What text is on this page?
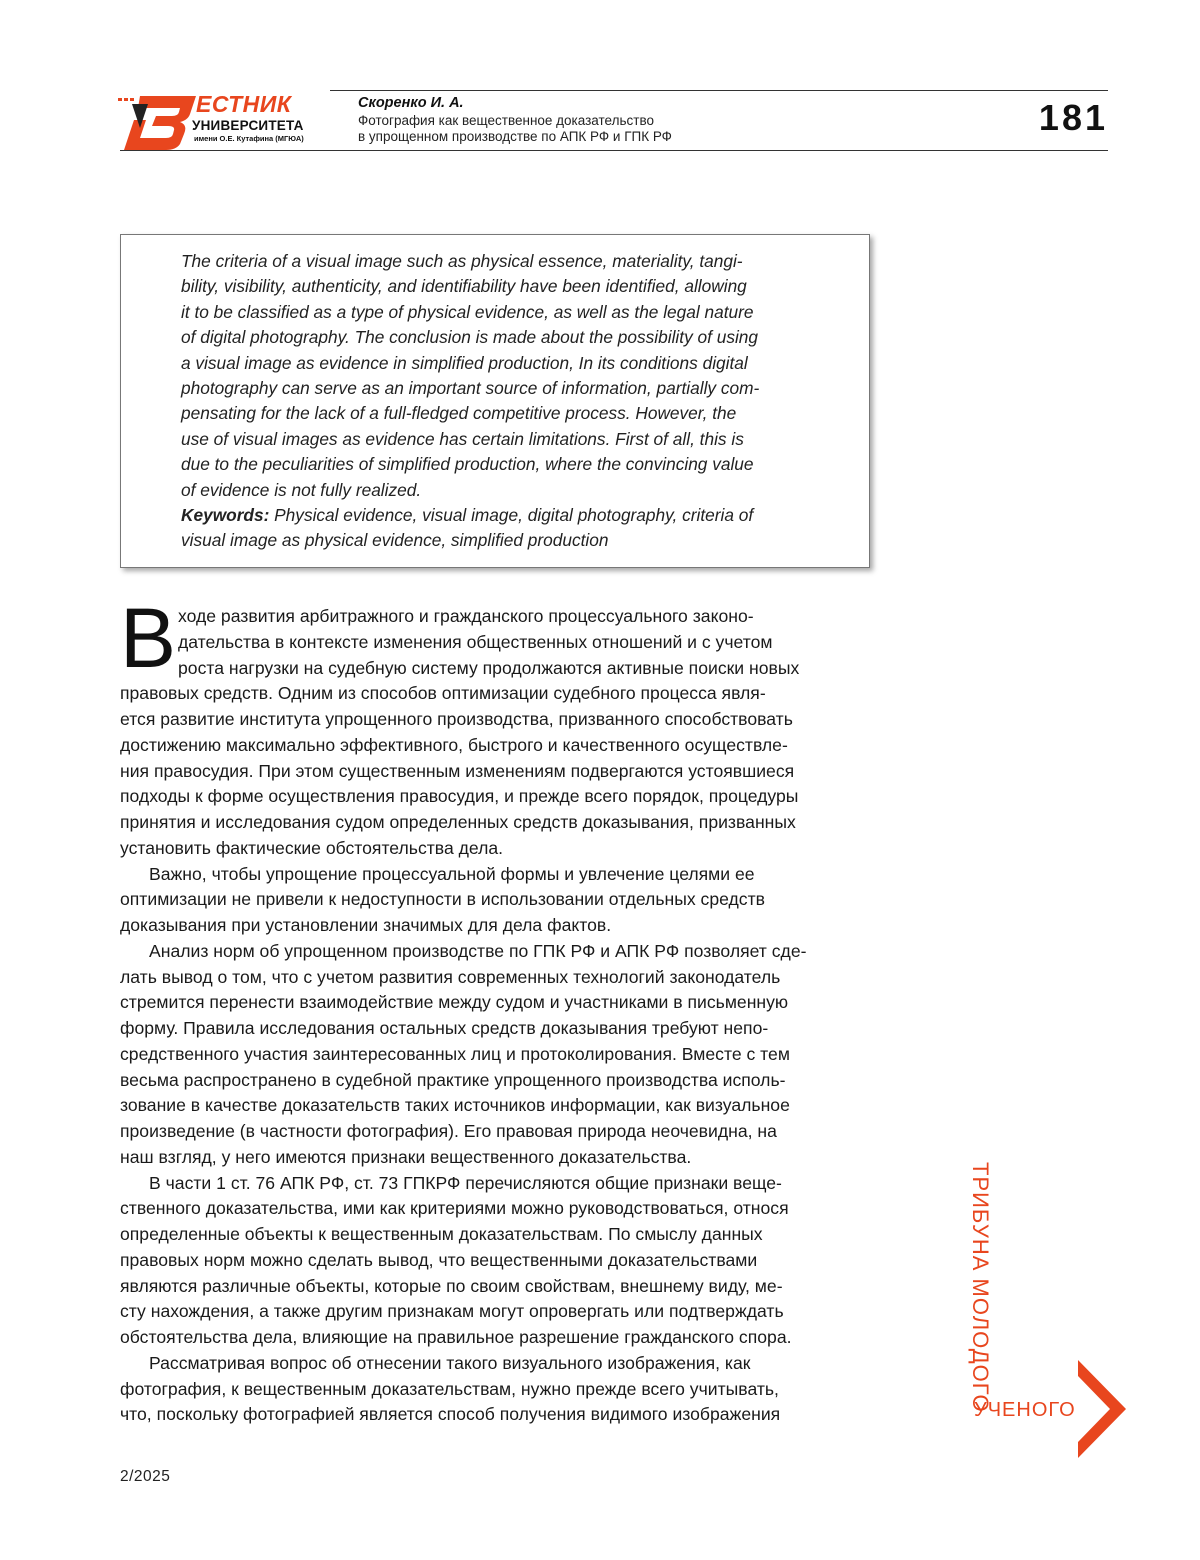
ЕСТНИК
УНИВЕРСИТЕТА
имени О.Е. Кутафина (МГЮА)
Скоренко И. А.
Фотография как вещественное доказательство
в упрощенном производстве по АПК РФ и ГПК РФ	181
The criteria of a visual image such as physical essence, materiality, tangi-
bility, visibility, authenticity, and identifiability have been identified, allowing
it to be classified as a type of physical evidence, as well as the legal nature
of digital photography. The conclusion is made about the possibility of using
a visual image as evidence in simplified production, In its conditions digital
photography can serve as an important source of information, partially com-
pensating for the lack of a full-fledged competitive process. However, the
use of visual images as evidence has certain limitations. First of all, this is
due to the peculiarities of simplified production, where the convincing value
of evidence is not fully realized.
Keywords: Physical evidence, visual image, digital photography, criteria of
visual image as physical evidence, simplified production
В ходе развития арбитражного и гражданского процессуального законо-
дательства в контексте изменения общественных отношений и с учетом
роста нагрузки на судебную систему продолжаются активные поиски новых
правовых средств. Одним из способов оптимизации судебного процесса явля-
ется развитие института упрощенного производства, призванного способствовать
достижению максимально эффективного, быстрого и качественного осуществле-
ния правосудия. При этом существенным изменениям подвергаются устоявшиеся
подходы к форме осуществления правосудия, и прежде всего порядок, процедуры
принятия и исследования судом определенных средств доказывания, призванных
установить фактические обстоятельства дела.
Важно, чтобы упрощение процессуальной формы и увлечение целями ее
оптимизации не привели к недоступности в использовании отдельных средств
доказывания при установлении значимых для дела фактов.
Анализ норм об упрощенном производстве по ГПК РФ и АПК РФ позволяет сде-
лать вывод о том, что с учетом развития современных технологий законодатель
стремится перенести взаимодействие между судом и участниками в письменную
форму. Правила исследования остальных средств доказывания требуют непо-
средственного участия заинтересованных лиц и протоколирования. Вместе с тем
весьма распространено в судебной практике упрощенного производства исполь-
зование в качестве доказательств таких источников информации, как визуальное
произведение (в частности фотография). Его правовая природа неочевидна, на
наш взгляд, у него имеются признаки вещественного доказательства.
В части 1 ст. 76 АПК РФ, ст. 73 ГПКРФ перечисляются общие признаки веще-
ственного доказательства, ими как критериями можно руководствоваться, относя
определенные объекты к вещественным доказательствам. По смыслу данных
правовых норм можно сделать вывод, что вещественными доказательствами
являются различные объекты, которые по своим свойствам, внешнему виду, ме-
сту нахождения, а также другим признакам могут опровергать или подтверждать
обстоятельства дела, влияющие на правильное разрешение гражданского спора.
Рассматривая вопрос об отнесении такого визуального изображения, как
фотография, к вещественным доказательствам, нужно прежде всего учитывать,
что, поскольку фотографией является способ получения видимого изображения
ТРИБУНА МОЛОДОГО
УЧЕНОГО
2/2025
